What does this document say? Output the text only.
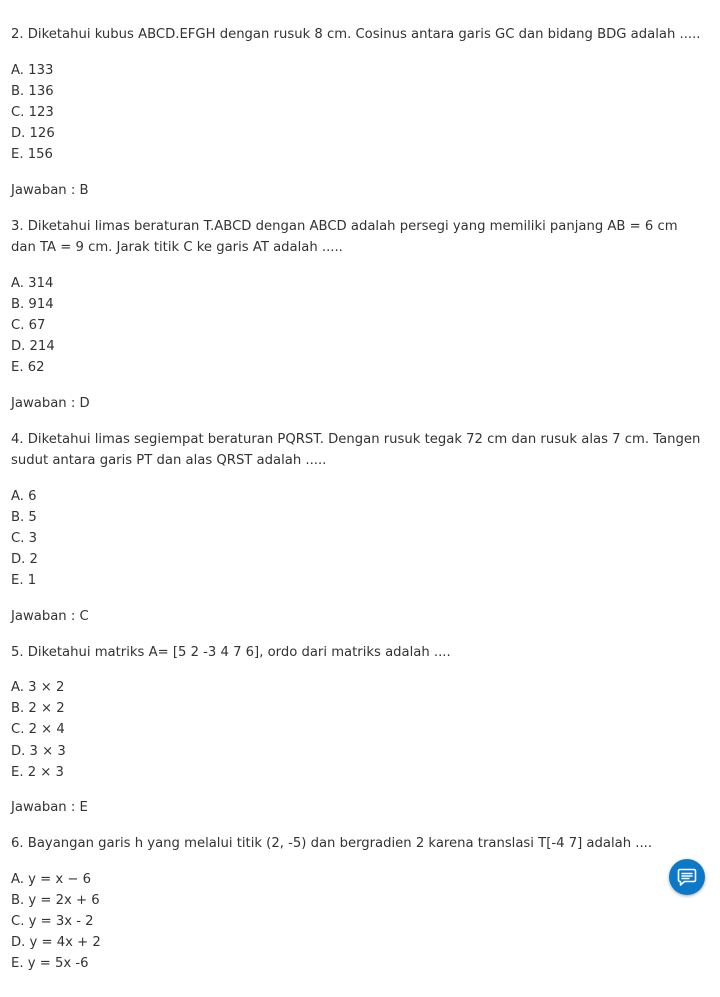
2. Diketahui kubus ABCD.EFGH dengan rusuk 8 cm. Cosinus antara garis GC dan bidang BDG adalah .....

A. 133
B. 136
C. 123
D. 126
E. 156

Jawaban : B

3. Diketahui limas beraturan T.ABCD dengan ABCD adalah persegi yang memiliki panjang AB = 6 cm dan TA = 9 cm. Jarak titik C ke garis AT adalah .....

A. 314
B. 914
C. 67
D. 214
E. 62

Jawaban : D

4. Diketahui limas segiempat beraturan PQRST. Dengan rusuk tegak 72 cm dan rusuk alas 7 cm. Tangen sudut antara garis PT dan alas QRST adalah .....

A. 6
B. 5
C. 3
D. 2
E. 1

Jawaban : C

5. Diketahui matriks A= [5 2 -3 4 7 6], ordo dari matriks adalah ....

A. 3 × 2
B. 2 × 2
C. 2 × 4
D. 3 × 3
E. 2 × 3

Jawaban : E

6. Bayangan garis h yang melalui titik (2, -5) dan bergradien 2 karena translasi T[-4 7] adalah ....

A. y = x − 6
B. y = 2x + 6
C. y = 3x - 2
D. y = 4x + 2
E. y = 5x -6
